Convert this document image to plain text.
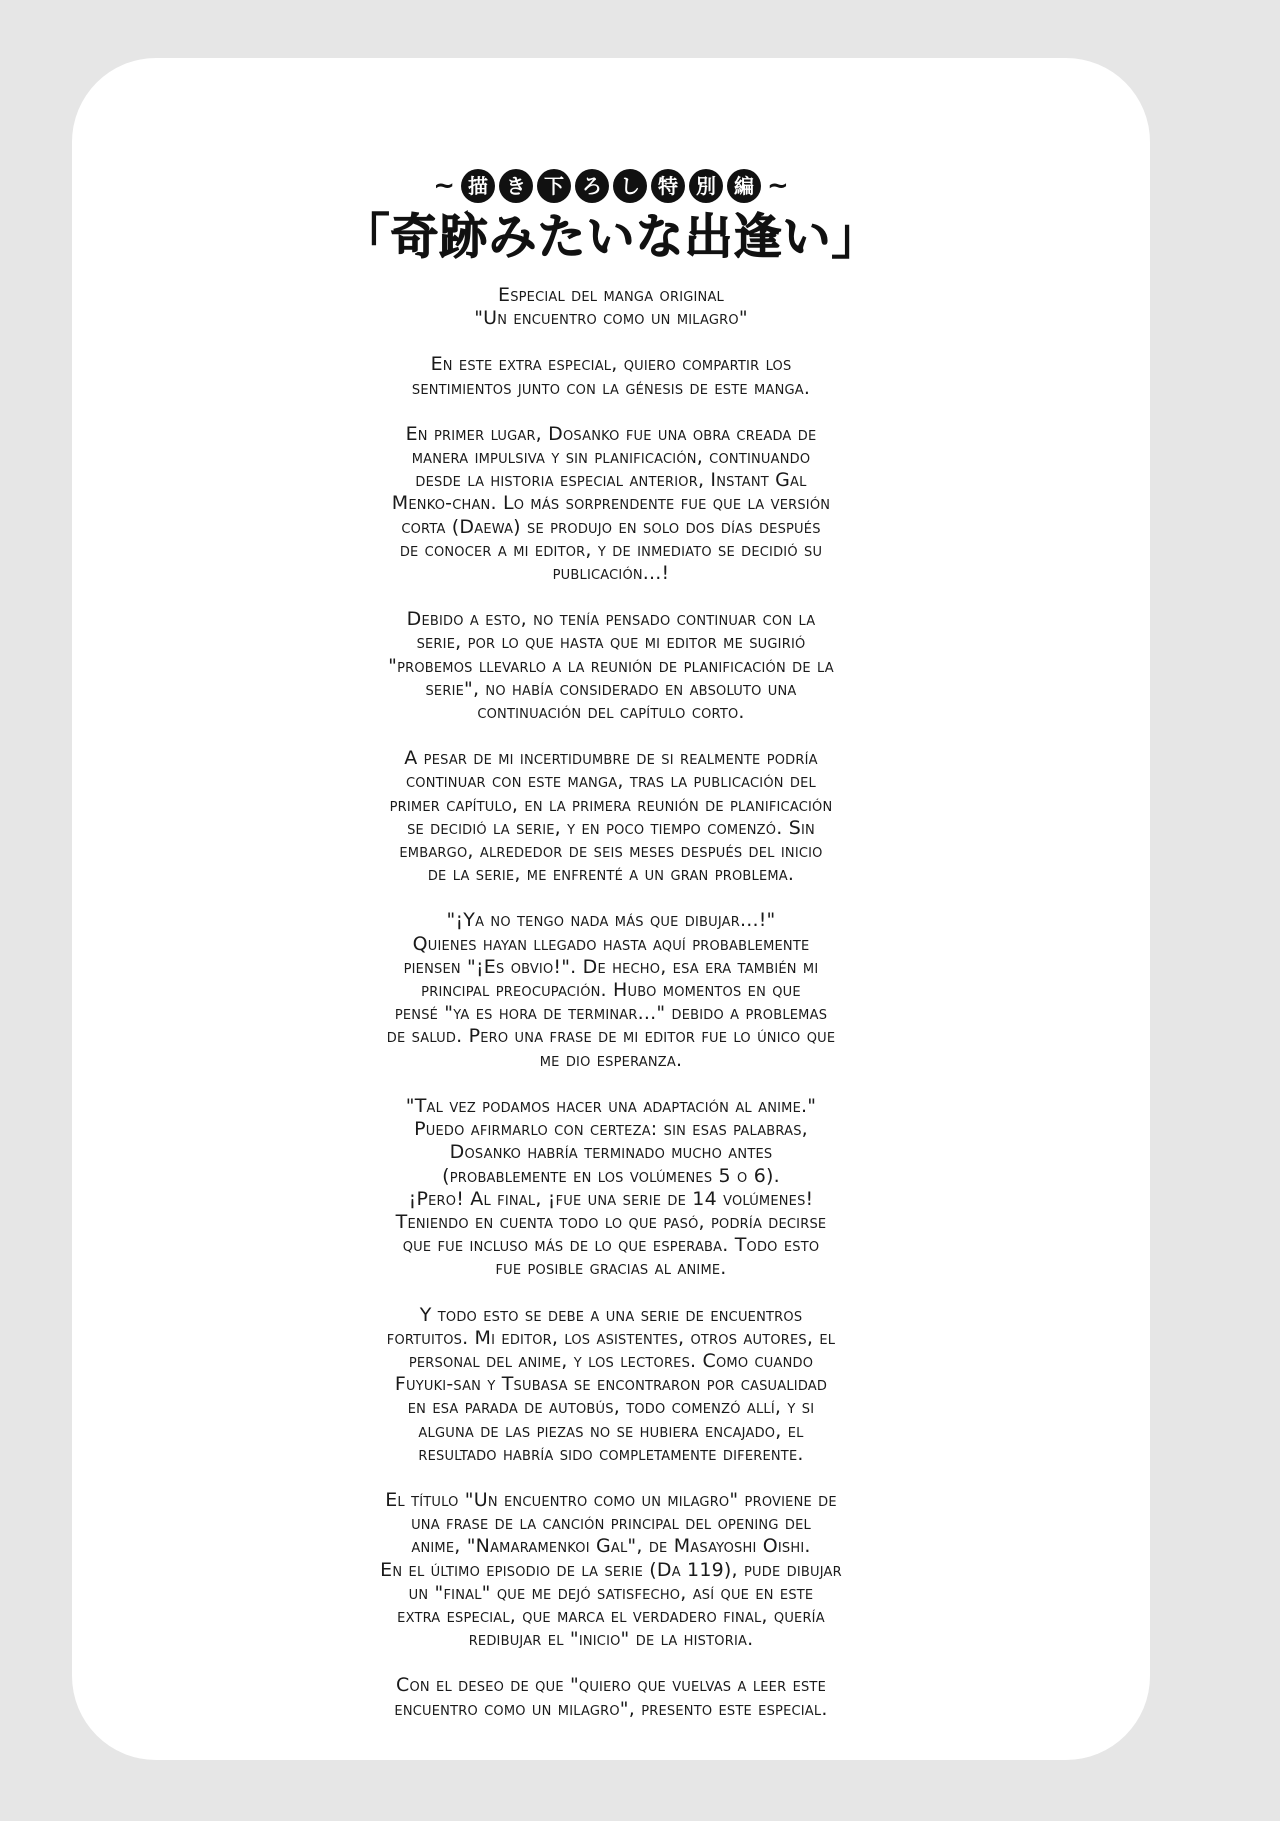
~ 描 き 下 ろ し 特 別 編 ~
「奇跡みたいな出逢い」

Especial del manga original
"Un encuentro como un milagro"

En este extra especial, quiero compartir los
sentimientos junto con la génesis de este manga.

En primer lugar, Dosanko fue una obra creada de
manera impulsiva y sin planificación, continuando
desde la historia especial anterior, Instant Gal
Menko-chan. Lo más sorprendente fue que la versión
corta (Daewa) se produjo en solo dos días después
de conocer a mi editor, y de inmediato se decidió su
publicación...!

Debido a esto, no tenía pensado continuar con la
serie, por lo que hasta que mi editor me sugirió
"probemos llevarlo a la reunión de planificación de la
serie", no había considerado en absoluto una
continuación del capítulo corto.

A pesar de mi incertidumbre de si realmente podría
continuar con este manga, tras la publicación del
primer capítulo, en la primera reunión de planificación
se decidió la serie, y en poco tiempo comenzó. Sin
embargo, alrededor de seis meses después del inicio
de la serie, me enfrenté a un gran problema.

"¡Ya no tengo nada más que dibujar...!"
Quienes hayan llegado hasta aquí probablemente
piensen "¡Es obvio!". De hecho, esa era también mi
principal preocupación. Hubo momentos en que
pensé "ya es hora de terminar..." debido a problemas
de salud. Pero una frase de mi editor fue lo único que
me dio esperanza.

"Tal vez podamos hacer una adaptación al anime."
Puedo afirmarlo con certeza: sin esas palabras,
Dosanko habría terminado mucho antes
(probablemente en los volúmenes 5 o 6).
¡Pero! Al final, ¡fue una serie de 14 volúmenes!
Teniendo en cuenta todo lo que pasó, podría decirse
que fue incluso más de lo que esperaba. Todo esto
fue posible gracias al anime.

Y todo esto se debe a una serie de encuentros
fortuitos. Mi editor, los asistentes, otros autores, el
personal del anime, y los lectores. Como cuando
Fuyuki-san y Tsubasa se encontraron por casualidad
en esa parada de autobús, todo comenzó allí, y si
alguna de las piezas no se hubiera encajado, el
resultado habría sido completamente diferente.

El título "Un encuentro como un milagro" proviene de
una frase de la canción principal del opening del
anime, "Namaramenkoi Gal", de Masayoshi Oishi.
En el último episodio de la serie (Da 119), pude dibujar
un "final" que me dejó satisfecho, así que en este
extra especial, que marca el verdadero final, quería
redibujar el "inicio" de la historia.

Con el deseo de que "quiero que vuelvas a leer este
encuentro como un milagro", presento este especial.
